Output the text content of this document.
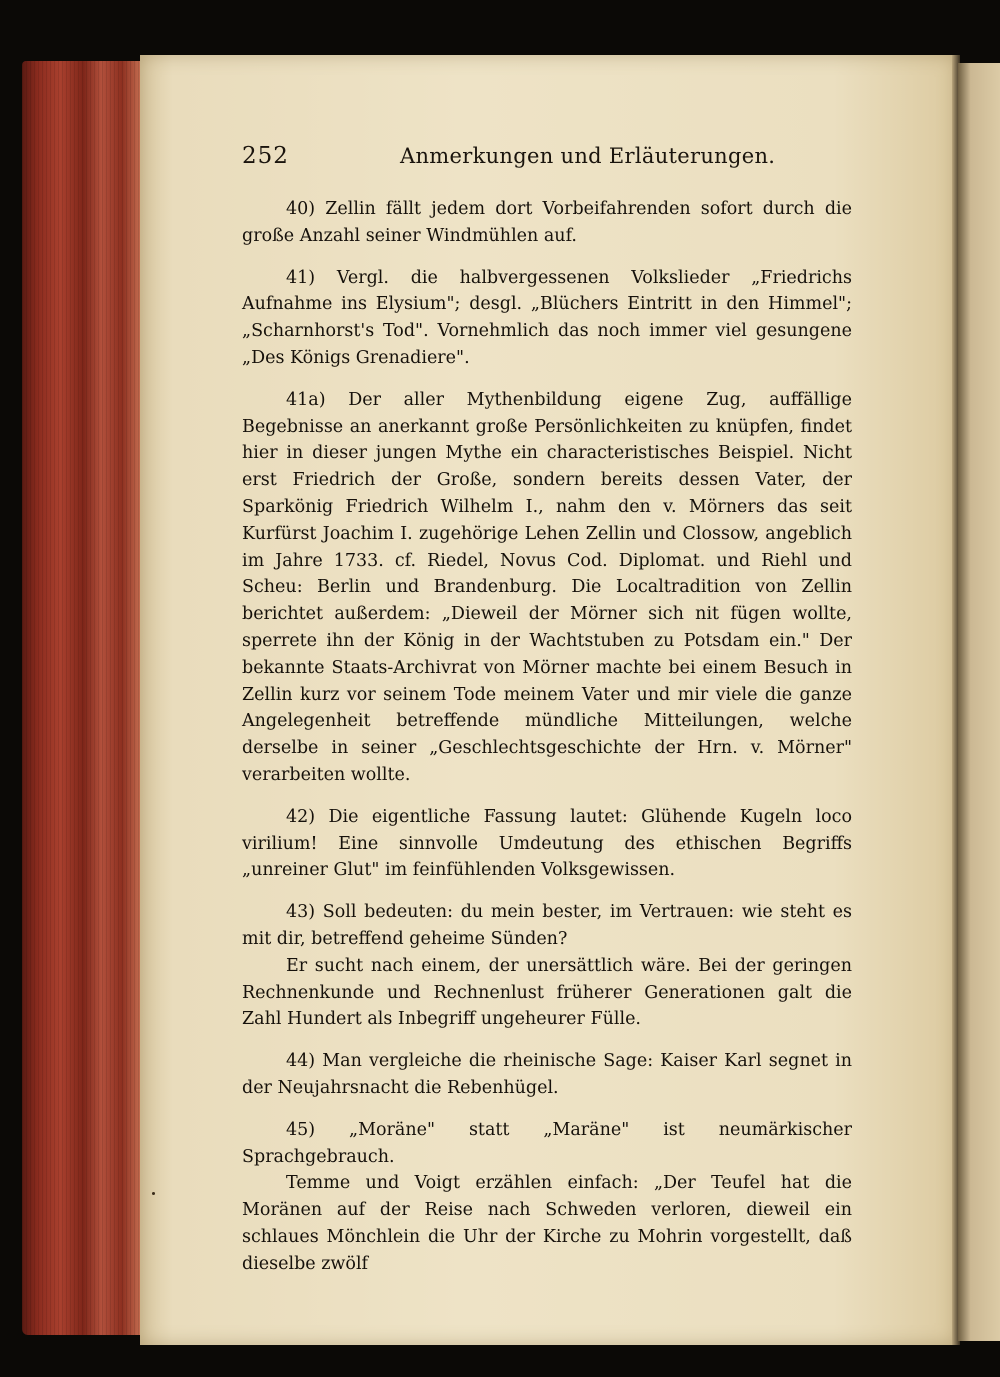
252	Anmerkungen und Erläuterungen.

40) Zellin fällt jedem dort Vorbeifahrenden sofort durch die große Anzahl seiner Windmühlen auf.

41) Vergl. die halbvergessenen Volkslieder „Friedrichs Aufnahme ins Elysium"; desgl. „Blüchers Eintritt in den Himmel"; „Scharnhorst's Tod". Vornehmlich das noch immer viel gesungene „Des Königs Grenadiere".

41a) Der aller Mythenbildung eigene Zug, auffällige Begebnisse an anerkannt große Persönlichkeiten zu knüpfen, findet hier in dieser jungen Mythe ein characteristisches Beispiel. Nicht erst Friedrich der Große, sondern bereits dessen Vater, der Sparkönig Friedrich Wilhelm I., nahm den v. Mörners das seit Kurfürst Joachim I. zugehörige Lehen Zellin und Clossow, angeblich im Jahre 1733. cf. Riedel, Novus Cod. Diplomat. und Riehl und Scheu: Berlin und Brandenburg. Die Localtradition von Zellin berichtet außerdem: „Dieweil der Mörner sich nit fügen wollte, sperrete ihn der König in der Wachtstuben zu Potsdam ein." Der bekannte Staats-Archivrat von Mörner machte bei einem Besuch in Zellin kurz vor seinem Tode meinem Vater und mir viele die ganze Angelegenheit betreffende mündliche Mitteilungen, welche derselbe in seiner „Geschlechtsgeschichte der Hrn. v. Mörner" verarbeiten wollte.

42) Die eigentliche Fassung lautet: Glühende Kugeln loco virilium! Eine sinnvolle Umdeutung des ethischen Begriffs „unreiner Glut" im feinfühlenden Volksgewissen.

43) Soll bedeuten: du mein bester, im Vertrauen: wie steht es mit dir, betreffend geheime Sünden?

Er sucht nach einem, der unersättlich wäre. Bei der geringen Rechnenkunde und Rechnenlust früherer Generationen galt die Zahl Hundert als Inbegriff ungeheurer Fülle.

44) Man vergleiche die rheinische Sage: Kaiser Karl segnet in der Neujahrsnacht die Rebenhügel.

45) „Moräne" statt „Maräne" ist neumärkischer Sprachgebrauch.

Temme und Voigt erzählen einfach: „Der Teufel hat die Moränen auf der Reise nach Schweden verloren, dieweil ein schlaues Mönchlein die Uhr der Kirche zu Mohrin vorgestellt, daß dieselbe zwölf
